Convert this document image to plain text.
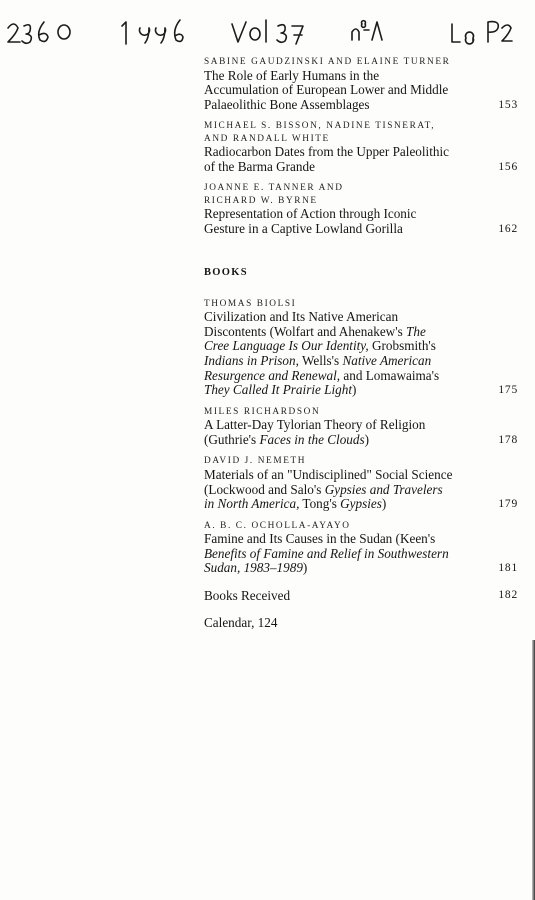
SABINE GAUDZINSKI AND ELAINE TURNER
The Role of Early Humans in the
Accumulation of European Lower and Middle
Palaeolithic Bone Assemblages	153
MICHAEL S. BISSON, NADINE TISNERAT,
AND RANDALL WHITE
Radiocarbon Dates from the Upper Paleolithic
of the Barma Grande	156
JOANNE E. TANNER AND
RICHARD W. BYRNE
Representation of Action through Iconic
Gesture in a Captive Lowland Gorilla	162
BOOKS
THOMAS BIOLSI
Civilization and Its Native American
Discontents (Wolfart and Ahenakew's The
Cree Language Is Our Identity, Grobsmith's
Indians in Prison, Wells's Native American
Resurgence and Renewal, and Lomawaima's
They Called It Prairie Light)	175
MILES RICHARDSON
A Latter-Day Tylorian Theory of Religion
(Guthrie's Faces in the Clouds)	178
DAVID J. NEMETH
Materials of an "Undisciplined" Social Science
(Lockwood and Salo's Gypsies and Travelers
in North America, Tong's Gypsies)	179
A. B. C. OCHOLLA-AYAYO
Famine and Its Causes in the Sudan (Keen's
Benefits of Famine and Relief in Southwestern
Sudan, 1983–1989)	181
Books Received	182
Calendar, 124
